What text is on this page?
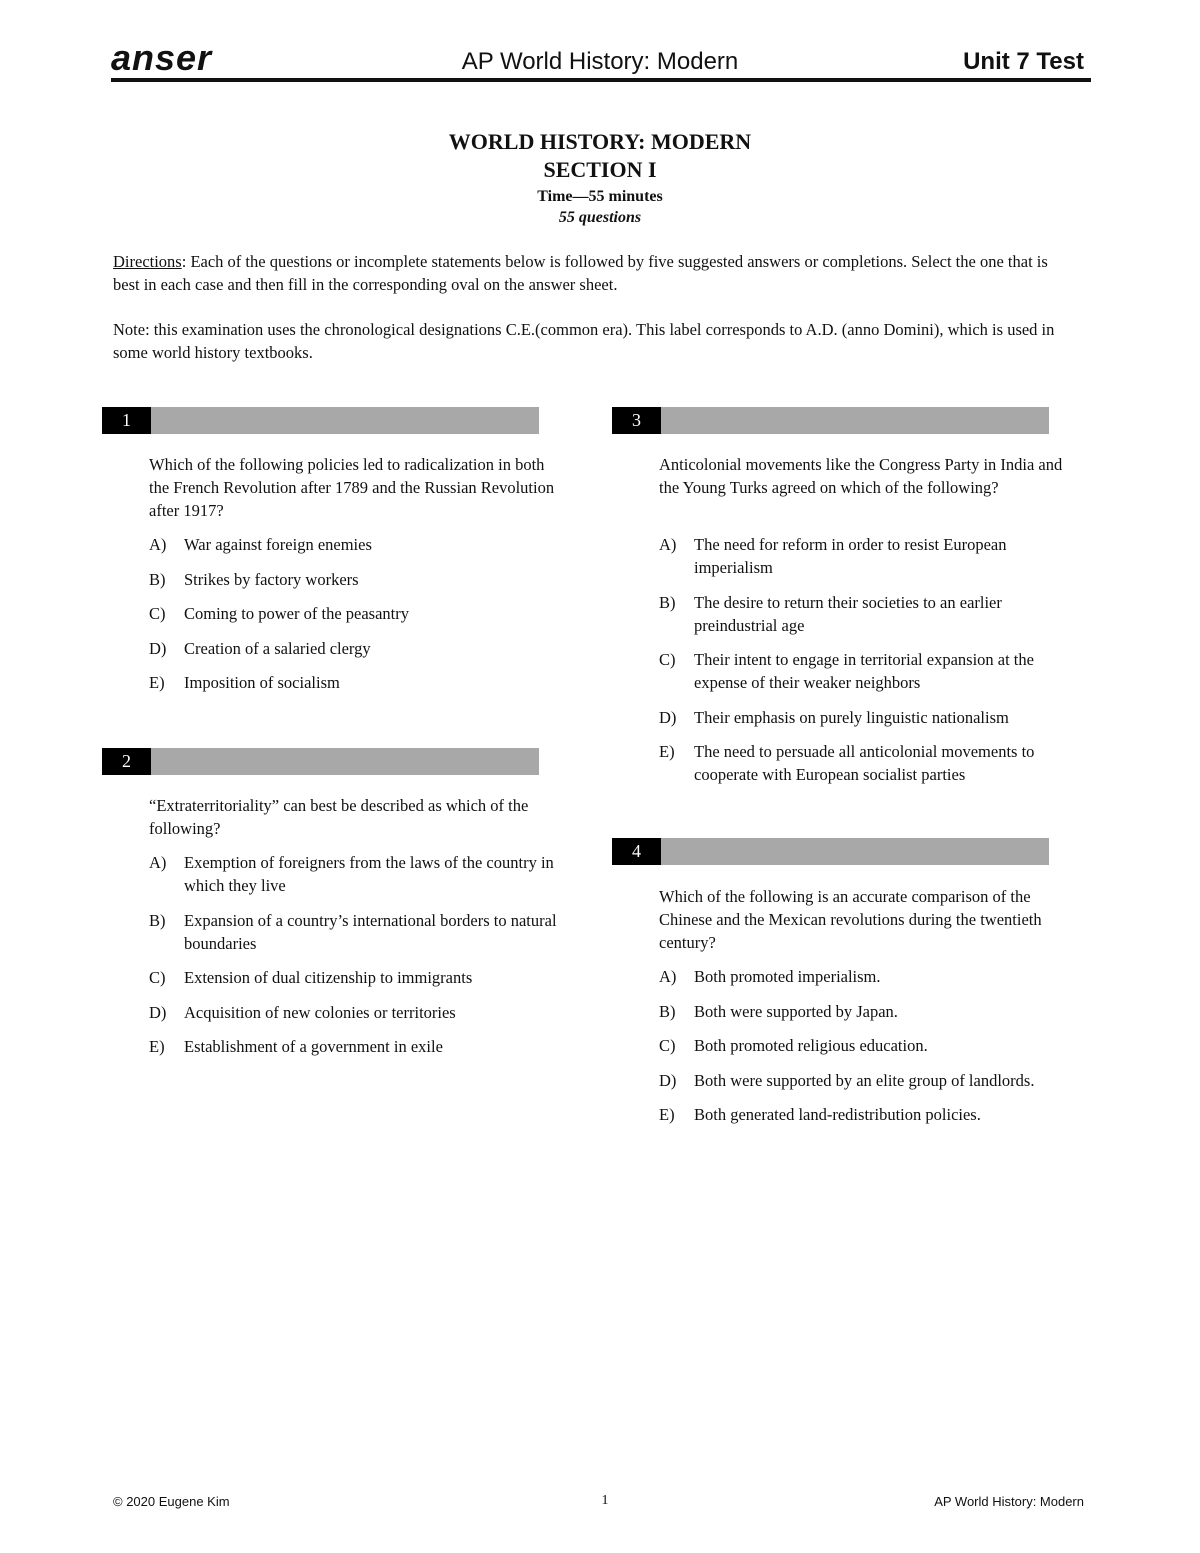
anser	AP World History: Modern	Unit 7 Test
WORLD HISTORY: MODERN
SECTION I
Time—55 minutes
55 questions
Directions: Each of the questions or incomplete statements below is followed by five suggested answers or completions. Select the one that is best in each case and then fill in the corresponding oval on the answer sheet.
Note: this examination uses the chronological designations C.E.(common era). This label corresponds to A.D. (anno Domini), which is used in some world history textbooks.
1
Which of the following policies led to radicalization in both the French Revolution after 1789 and the Russian Revolution after 1917?
A) War against foreign enemies
B) Strikes by factory workers
C) Coming to power of the peasantry
D) Creation of a salaried clergy
E) Imposition of socialism
2
“Extraterritoriality” can best be described as which of the following?
A) Exemption of foreigners from the laws of the country in which they live
B) Expansion of a country’s international borders to natural boundaries
C) Extension of dual citizenship to immigrants
D) Acquisition of new colonies or territories
E) Establishment of a government in exile
3
Anticolonial movements like the Congress Party in India and the Young Turks agreed on which of the following?
A) The need for reform in order to resist European imperialism
B) The desire to return their societies to an earlier preindustrial age
C) Their intent to engage in territorial expansion at the expense of their weaker neighbors
D) Their emphasis on purely linguistic nationalism
E) The need to persuade all anticolonial movements to cooperate with European socialist parties
4
Which of the following is an accurate comparison of the Chinese and the Mexican revolutions during the twentieth century?
A) Both promoted imperialism.
B) Both were supported by Japan.
C) Both promoted religious education.
D) Both were supported by an elite group of landlords.
E) Both generated land-redistribution policies.
© 2020 Eugene Kim	1	AP World History: Modern
